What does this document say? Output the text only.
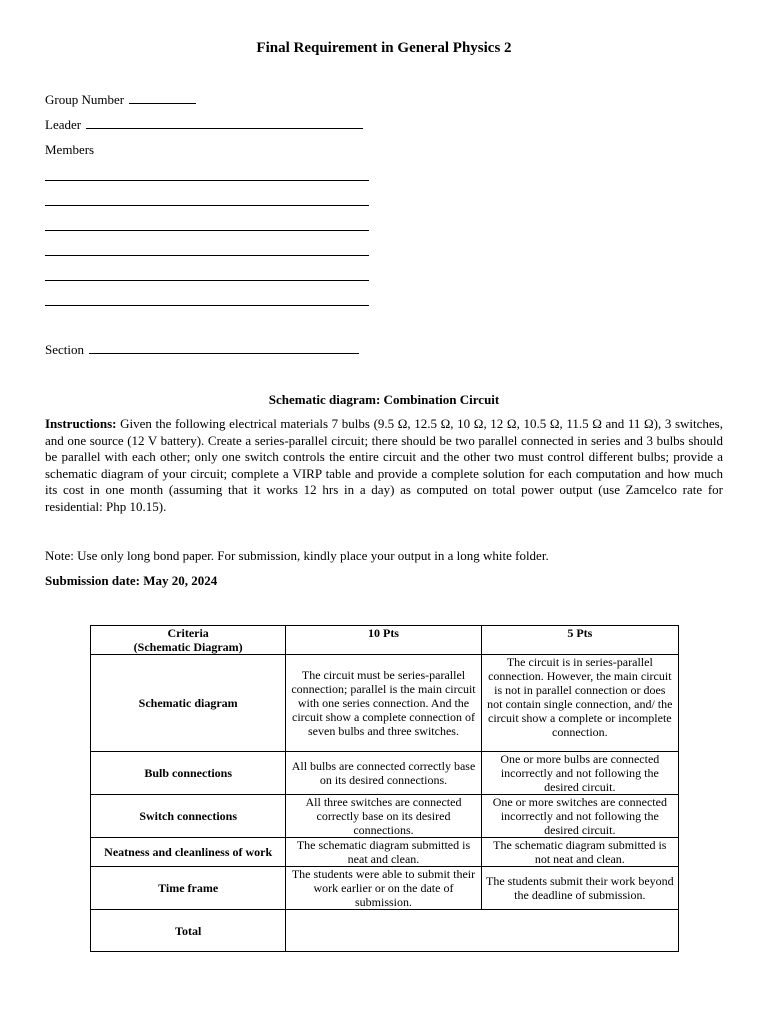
Final Requirement in General Physics 2
Group Number
Leader
Members
Section
Schematic diagram: Combination Circuit
Instructions: Given the following electrical materials 7 bulbs (9.5 Ω, 12.5 Ω, 10 Ω, 12 Ω, 10.5 Ω, 11.5 Ω and 11 Ω), 3 switches, and one source (12 V battery). Create a series-parallel circuit; there should be two parallel connected in series and 3 bulbs should be parallel with each other; only one switch controls the entire circuit and the other two must control different bulbs; provide a schematic diagram of your circuit; complete a VIRP table and provide a complete solution for each computation and how much its cost in one month (assuming that it works 12 hrs in a day) as computed on total power output (use Zamcelco rate for residential: Php 10.15).
Note: Use only long bond paper. For submission, kindly place your output in a long white folder.
Submission date: May 20, 2024
Criteria
(Schematic Diagram)	10 Pts	5 Pts
Schematic diagram	The circuit must be series-parallel connection; parallel is the main circuit with one series connection. And the circuit show a complete connection of seven bulbs and three switches.	The circuit is in series-parallel connection. However, the main circuit is not in parallel connection or does not contain single connection, and/ the circuit show a complete or incomplete connection.
Bulb connections	All bulbs are connected correctly base on its desired connections.	One or more bulbs are connected incorrectly and not following the desired circuit.
Switch connections	All three switches are connected correctly base on its desired connections.	One or more switches are connected incorrectly and not following the desired circuit.
Neatness and cleanliness of work	The schematic diagram submitted is neat and clean.	The schematic diagram submitted is not neat and clean.
Time frame	The students were able to submit their work earlier or on the date of submission.	The students submit their work beyond the deadline of submission.
Total		
